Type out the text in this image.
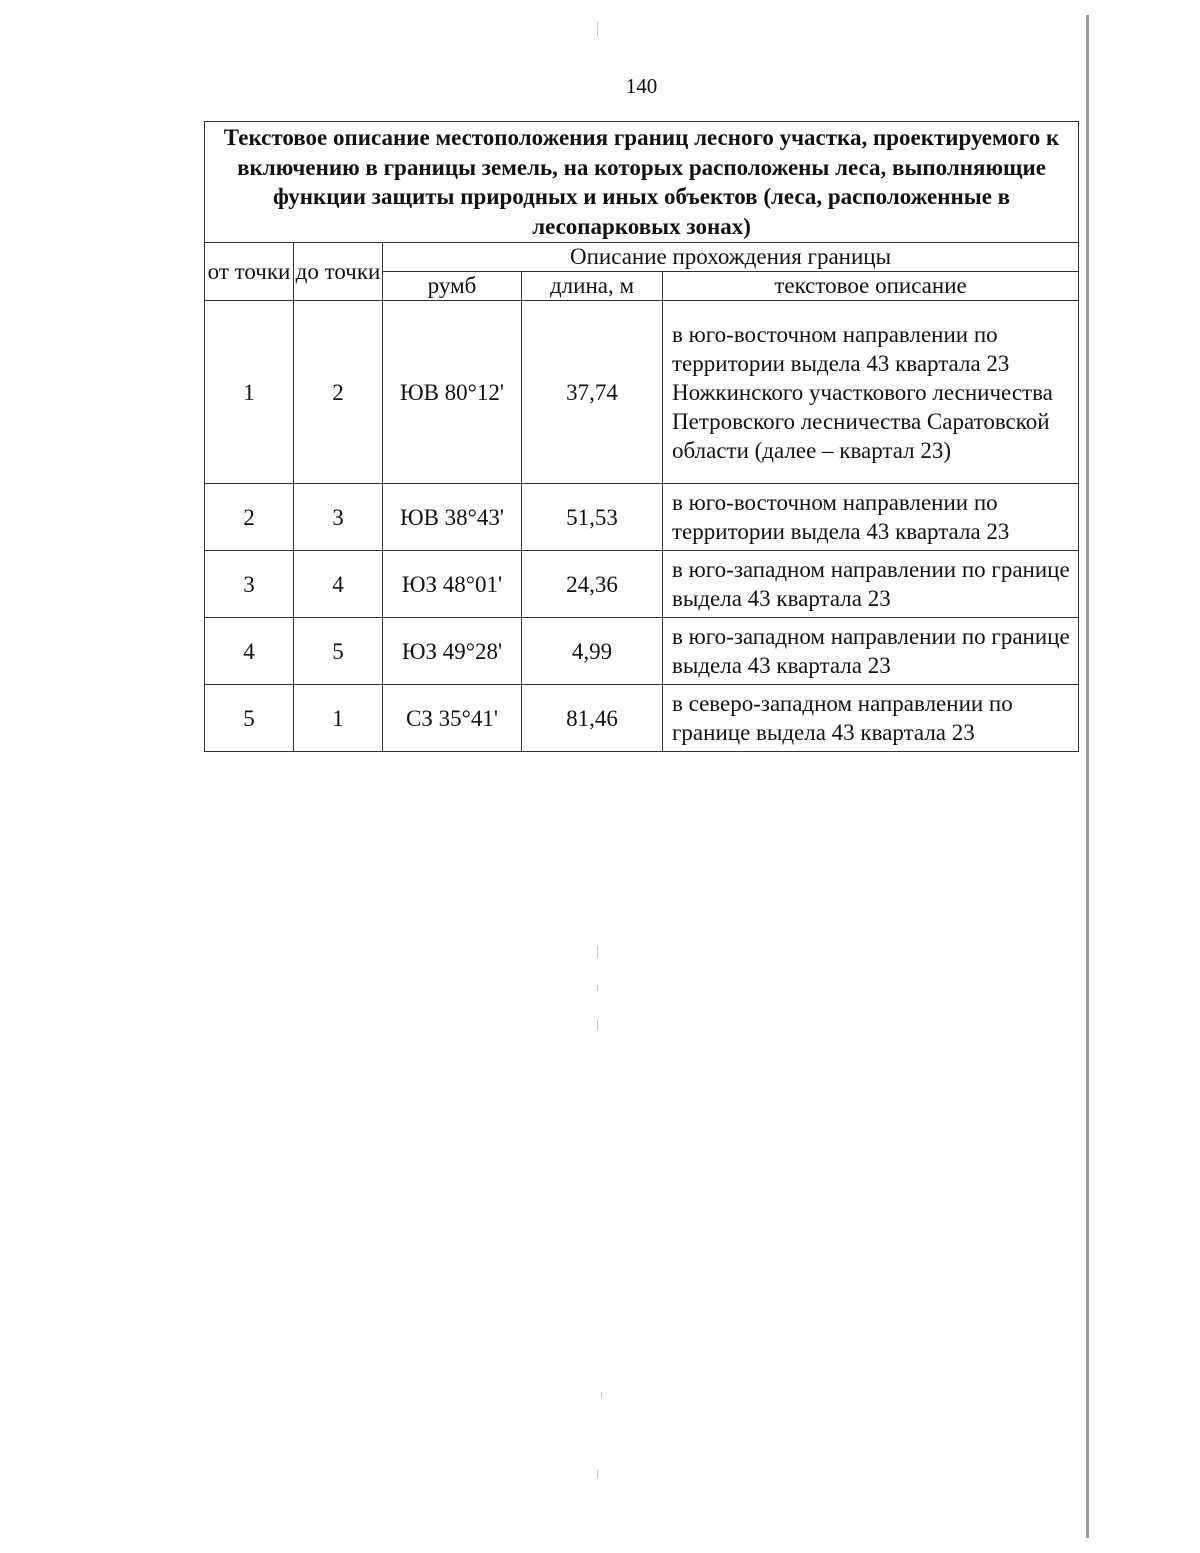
140
Текстовое описание местоположения границ лесного участка, проектируемого к включению в границы земель, на которых расположены леса, выполняющие функции защиты природных и иных объектов (леса, расположенные в лесопарковых зонах)				
от точки	до точки	Описание прохождения границы		
		румб	длина, м	текстовое описание
1	2	ЮВ 80°12'	37,74	в юго-восточном направлении по территории выдела 43 квартала 23 Ножкинского участкового лесничества Петровского лесничества Саратовской области (далее – квартал 23)
2	3	ЮВ 38°43'	51,53	в юго-восточном направлении по территории выдела 43 квартала 23
3	4	ЮЗ 48°01'	24,36	в юго-западном направлении по границе выдела 43 квартала 23
4	5	ЮЗ 49°28'	4,99	в юго-западном направлении по границе выдела 43 квартала 23
5	1	СЗ 35°41'	81,46	в северо-западном направлении по границе выдела 43 квартала 23
